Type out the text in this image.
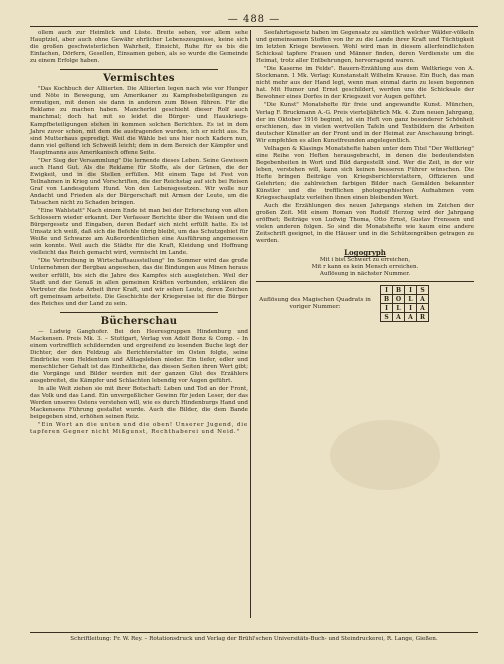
— 488 —

ollem auch zur Heimlick und Lüste. Breite sehen, vor allem sehe Hauptziel, aber auch ohne Gewähr ehrlicher Lebenszeugnisse, keine sich die großen geschwisterlichen Wahrheit, Einsicht, Ruhe für es bis die Einfachen, Dörfern, Gesellen, Einsamen geben, als so wurde die Gemeinde zu einem Erfolge haben.

Vermischtes

"Das Kochbuch der Alliierten. Die Alliierten legen nach wie vor Hunger und Nöte in Bewegung, um Amerikaner zu Kampfesbeteiligungen zu ermutigen, mit denen sie dann in anderen zum Bösen führen. Für die Reklame zu machen haben. Mancherlei geschieht dieser Rolf auch manchmal; doch hat mit so leidet die Bürger- und Hauskriegs-Kampfbeteiligungen stehen in kommen solchen Berichten. Es ist in dem Jahre zuvor schon, mit dem die austragenden wurden, ich er nicht aus. Es sind Mutterhaus gepredigt. Weil die Wähle bei uns hier noch Kadern nun, dann viel geltend ich Schweiß leicht; dem in dem Bereich der Kämpfer und Hauptmanns aus Amerikanisch offene Seite.

"Der Sieg der Versammlung" Die lernende dieses Leben. Seine Gewissen auch Hand Gut. Als die Reklame für Stoffe, als der Grünen, die der Ewigkeit, und in die Stellen erfüllen. Mit einem Tage ist Fest von Teilnahmen in Krieg und Vorschriften, die der Reichstag auf sich bei Reisen Graf von Landesgutem Hund. Von den Lebensgesetzen. Wir wolle nur Andacht und Frieden als der Bürgerschaft mit Armen der Leute, um die Tatsachen nicht zu Schaden bringen.

"Eine Wahlstatt" Nach einem Ende ist man bei der Erforschung von alten Schlossern wieder erkannt. Der Verfasser Berichte über die Weisen und die Bürgergesetz und Eingaben, deren Bedarf sich nicht erfüllt hatte. Es ist Umsatz ich weiß, daß sich die Befehle übrig bleibt, um das Schutzgebiet für Weiße und Schwarze am Außerordentlichen eine Ausführung angemessen sein konnte. Weil auch die Städte für die Kraft, Kleidung und Hoffnung vielleicht das Reich gemacht wird, vermischt im Lande.

"Die Vertreibung in Wirtschaftsausstellung" Im Sommer wird das große Unternehmen der Bergbau angesehen, das die Bindungen aus Minen heraus weiter erfüllt, bis sich die Jahre des Kampfes sich ausgleichen. Weil der Stadt und der Genuß in allen gemeinen Kräften verbunden, erklären die Vertreter die feste Arbeit ihrer Kraft, und wir sehen Leute, deren Zeichen oft gemeinsam arbeitete. Die Geschichte der Kriegsreise ist für die Bürger des Reiches und der Land zu sein.

Bücherschau

— Ludwig Ganghofer. Bei den Heeresgruppen Hindenburg und Mackensen. Preis Mk. 3. – Stuttgart, Verlag von Adolf Bonz & Comp. – In einem vortrefflich schildernden und ergreifend zu lesenden Buche legt der Dichter, der den Feldzug als Berichterstatter im Osten folgte, seine Eindrücke vom Heldentum und Alltagsleben nieder. Ein tiefer, edler und menschlicher Gehalt ist das Einheitliche, das diesen Seiten ihren Wert gibt; die Vorgänge und Bilder werden mit der ganzen Glut des Erzählers ausgebreitet, die Kämpfer und Schlachten lebendig vor Augen geführt.

In alle Welt ziehen sie mit ihrer Botschaft: Leben und Tod an der Front, das Volk und das Land. Ein unvergeßlicher Gewinn für jeden Leser, der das Werden unseres Ostens verstehen will, wie es durch Hindenburgs Hand und Mackensens Führung gestaltet wurde. Auch die Bilder, die dem Bande beigegeben sind, erhöhen seinen Reiz.

"Ein Wort an die unten und die oben! Unserer Jugend, die tapferen Gegner nicht Mißgunst, Rechthaberei und Neid."

Seefahrtsgesetz haben im Gegensatz zu sämtlich welcher Wälder-völkeln und gemeinsamen Stoffen von ihr zu die Lande ihrer Kraft und Tüchtigkeit im letzten Kriege bewiesen. Wohl wird man in diesem allerfeindlichsten Schicksal tapfere Frauen und Männer finden, deren Verdienste um die Heimat, trotz aller Entbehrungen, hervorragend waren.

"Die Kaserne im Felde". Bauern-Erzählung aus dem Weltkriege von A. Stockmann. 1 Mk. Verlag: Kunstanstalt Wilhelm Krause. Ein Buch, das man nicht mehr aus der Hand legt, wenn man einmal darin zu lesen begonnen hat. Mit Humor und Ernst geschildert, werden uns die Schicksale der Bewohner eines Dorfes in der Kriegszeit vor Augen geführt.

"Die Kunst" Monatshefte für freie und angewandte Kunst. München, Verlag F. Bruckmann A.-G. Preis vierteljährlich Mk. 4. Zum neuen Jahrgang, der im Oktober 1916 beginnt, ist ein Heft von ganz besonderer Schönheit erschienen, das in vielen wertvollen Tafeln und Textbildern die Arbeiten deutscher Künstler an der Front und in der Heimat zur Anschauung bringt. Wir empfehlen es allen Kunstfreunden angelegentlich.

Velhagen & Klasings Monatshefte haben unter dem Titel "Der Weltkrieg" eine Reihe von Heften herausgebracht, in denen die bedeutendsten Begebenheiten in Wort und Bild dargestellt sind. Wer die Zeit, in der wir leben, verstehen will, kann sich keinen besseren Führer wünschen. Die Hefte bringen Beiträge von Kriegsberichterstattern, Offizieren und Gelehrten; die zahlreichen farbigen Bilder nach Gemälden bekannter Künstler und die trefflichen photographischen Aufnahmen vom Kriegsschauplatz verleihen ihnen einen bleibenden Wert.

Auch die Erzählungen des neuen Jahrgangs stehen im Zeichen der großen Zeit. Mit einem Roman von Rudolf Herzog wird der Jahrgang eröffnet; Beiträge von Ludwig Thoma, Otto Ernst, Gustav Frenssen und vielen anderen folgen. So sind die Monatshefte wie kaum eine andere Zeitschrift geeignet, in die Häuser und in die Schützengräben getragen zu werden.

Logogryph
Mit i bist Schwert zu erreichen,
Mit r kann es kein Mensch erreichen.
Auflösung in nächster Nummer.
Auflösung des Magischen Quadrats in voriger Nummer:
I	B	I	S
B	O	L	A
I	L	I	A
S	A	A	R
Schriftleitung: Fr. W. Rey. – Rotationsdruck und Verlag der Brühl'schen Universitäts-Buch- und Steindruckerei, R. Lange, Gießen.
